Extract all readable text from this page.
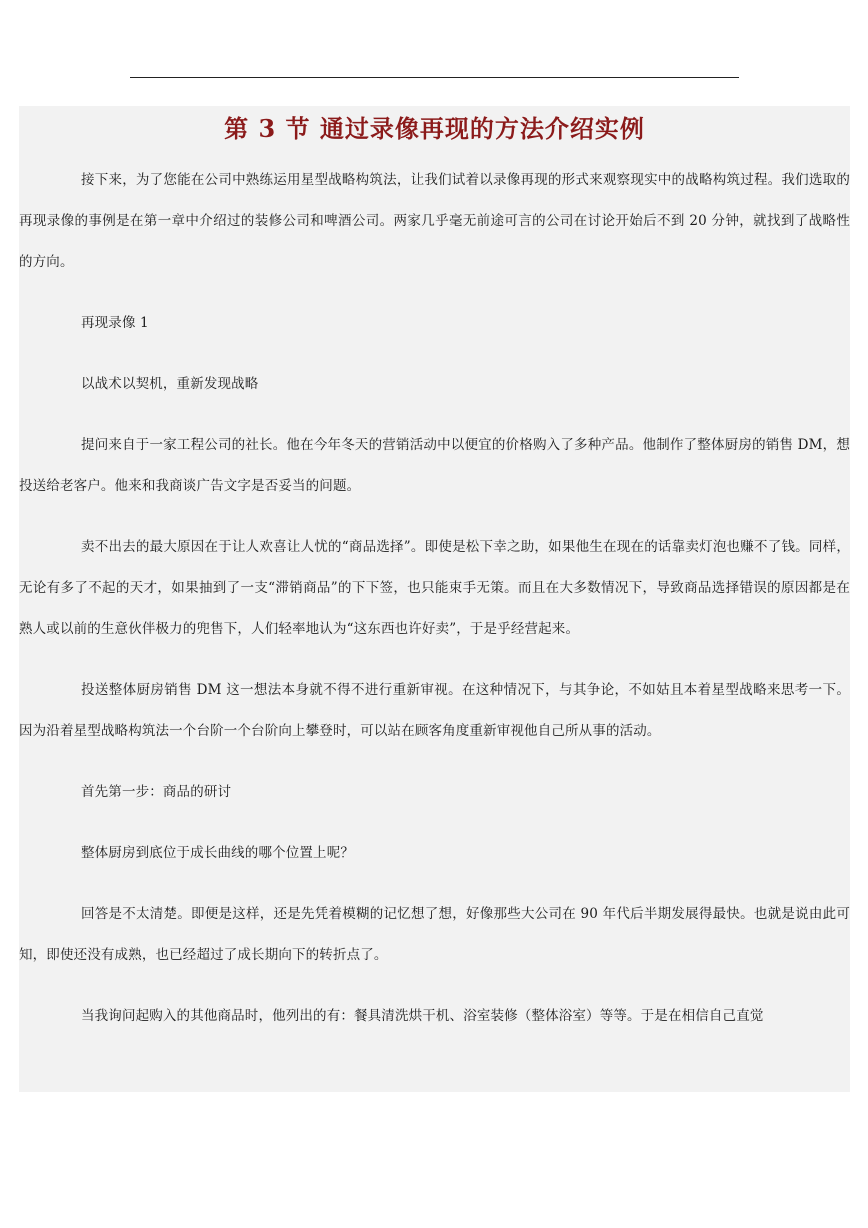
第 3 节 通过录像再现的方法介绍实例

接下来，为了您能在公司中熟练运用星型战略构筑法，让我们试着以录像再现的形式来观察现实中的战略构筑过程。我们选取的再现录像的事例是在第一章中介绍过的装修公司和啤酒公司。两家几乎毫无前途可言的公司在讨论开始后不到 20 分钟，就找到了战略性的方向。

再现录像 1

以战术以契机，重新发现战略

提问来自于一家工程公司的社长。他在今年冬天的营销活动中以便宜的价格购入了多种产品。他制作了整体厨房的销售 DM，想投送给老客户。他来和我商谈广告文字是否妥当的问题。

卖不出去的最大原因在于让人欢喜让人忧的“商品选择”。即使是松下幸之助，如果他生在现在的话靠卖灯泡也赚不了钱。同样，无论有多了不起的天才，如果抽到了一支“滞销商品”的下下签，也只能束手无策。而且在大多数情况下，导致商品选择错误的原因都是在熟人或以前的生意伙伴极力的兜售下，人们轻率地认为“这东西也许好卖”，于是乎经营起来。

投送整体厨房销售 DM 这一想法本身就不得不进行重新审视。在这种情况下，与其争论，不如姑且本着星型战略来思考一下。因为沿着星型战略构筑法一个台阶一个台阶向上攀登时，可以站在顾客角度重新审视他自己所从事的活动。

首先第一步：商品的研讨

整体厨房到底位于成长曲线的哪个位置上呢？

回答是不太清楚。即便是这样，还是先凭着模糊的记忆想了想，好像那些大公司在 90 年代后半期发展得最快。也就是说由此可知，即使还没有成熟，也已经超过了成长期向下的转折点了。

当我询问起购入的其他商品时，他列出的有：餐具清洗烘干机、浴室装修（整体浴室）等等。于是在相信自己直觉
